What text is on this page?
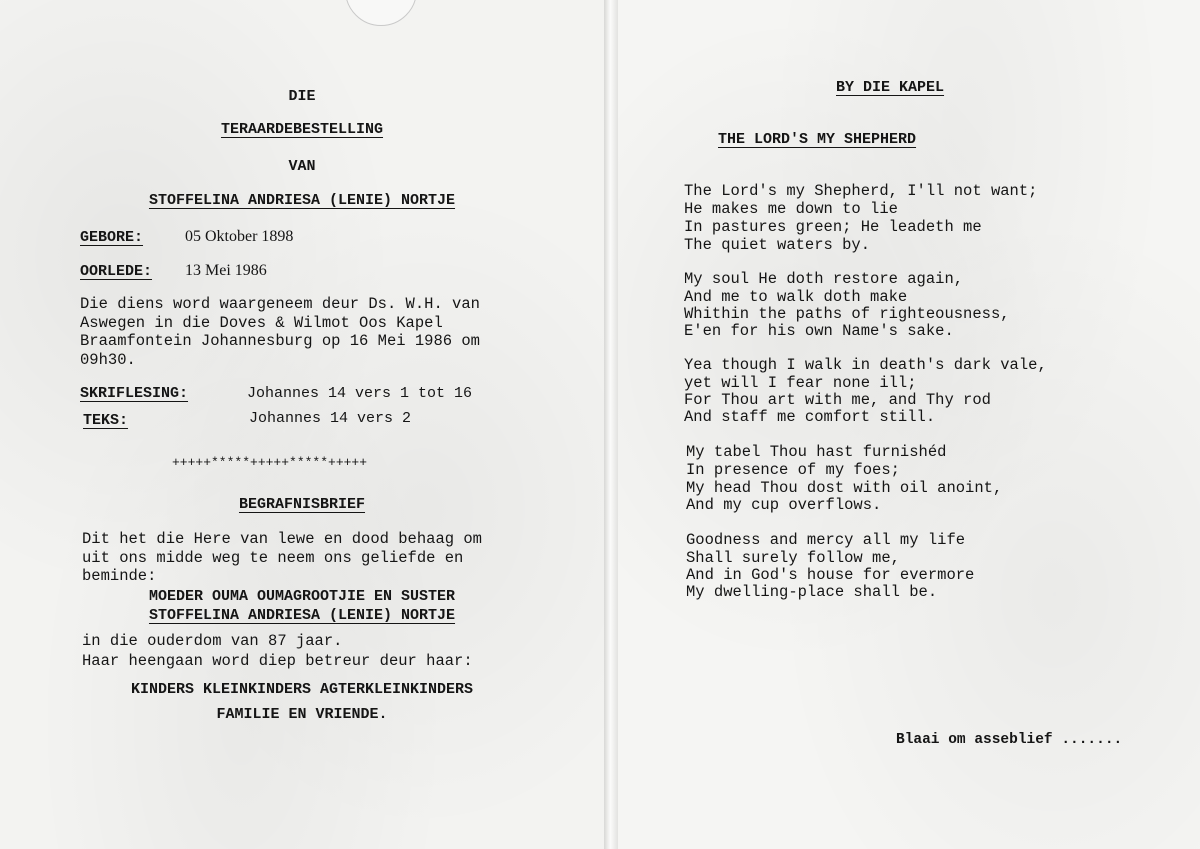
DIE
TERAARDEBESTELLING
VAN
STOFFELINA ANDRIESA (LENIE) NORTJE
GEBORE:	05 Oktober 1898
OORLEDE: 13 Mei 1986
Die diens word waargeneem deur Ds. W.H. van
Aswegen in die Doves & Wilmot Oos Kapel
Braamfontein Johannesburg op 16 Mei 1986 om
09h30.
SKRIFLESING:	Johannes 14 vers 1 tot 16
TEKS:	Johannes 14 vers 2
+++++*****+++++*****+++++
BEGRAFNISBRIEF
Dit het die Here van lewe en dood behaag om
uit ons midde weg te neem ons geliefde en
beminde:
MOEDER OUMA OUMAGROOTJIE EN SUSTER
STOFFELINA ANDRIESA (LENIE) NORTJE
in die ouderdom van 87 jaar.
Haar heengaan word diep betreur deur haar:
KINDERS KLEINKINDERS AGTERKLEINKINDERS
FAMILIE EN VRIENDE.
BY DIE KAPEL
THE LORD'S MY SHEPHERD
The Lord's my Shepherd, I'll not want;
He makes me down to lie
In pastures green; He leadeth me
The quiet waters by.
My soul He doth restore again,
And me to walk doth make
Whithin the paths of righteousness,
E'en for his own Name's sake.
Yea though I walk in death's dark vale,
yet will I fear none ill;
For Thou art with me, and Thy rod
And staff me comfort still.
My tabel Thou hast furnishéd
In presence of my foes;
My head Thou dost with oil anoint,
And my cup overflows.
Goodness and mercy all my life
Shall surely follow me,
And in God's house for evermore
My dwelling-place shall be.
Blaai om asseblief .......
